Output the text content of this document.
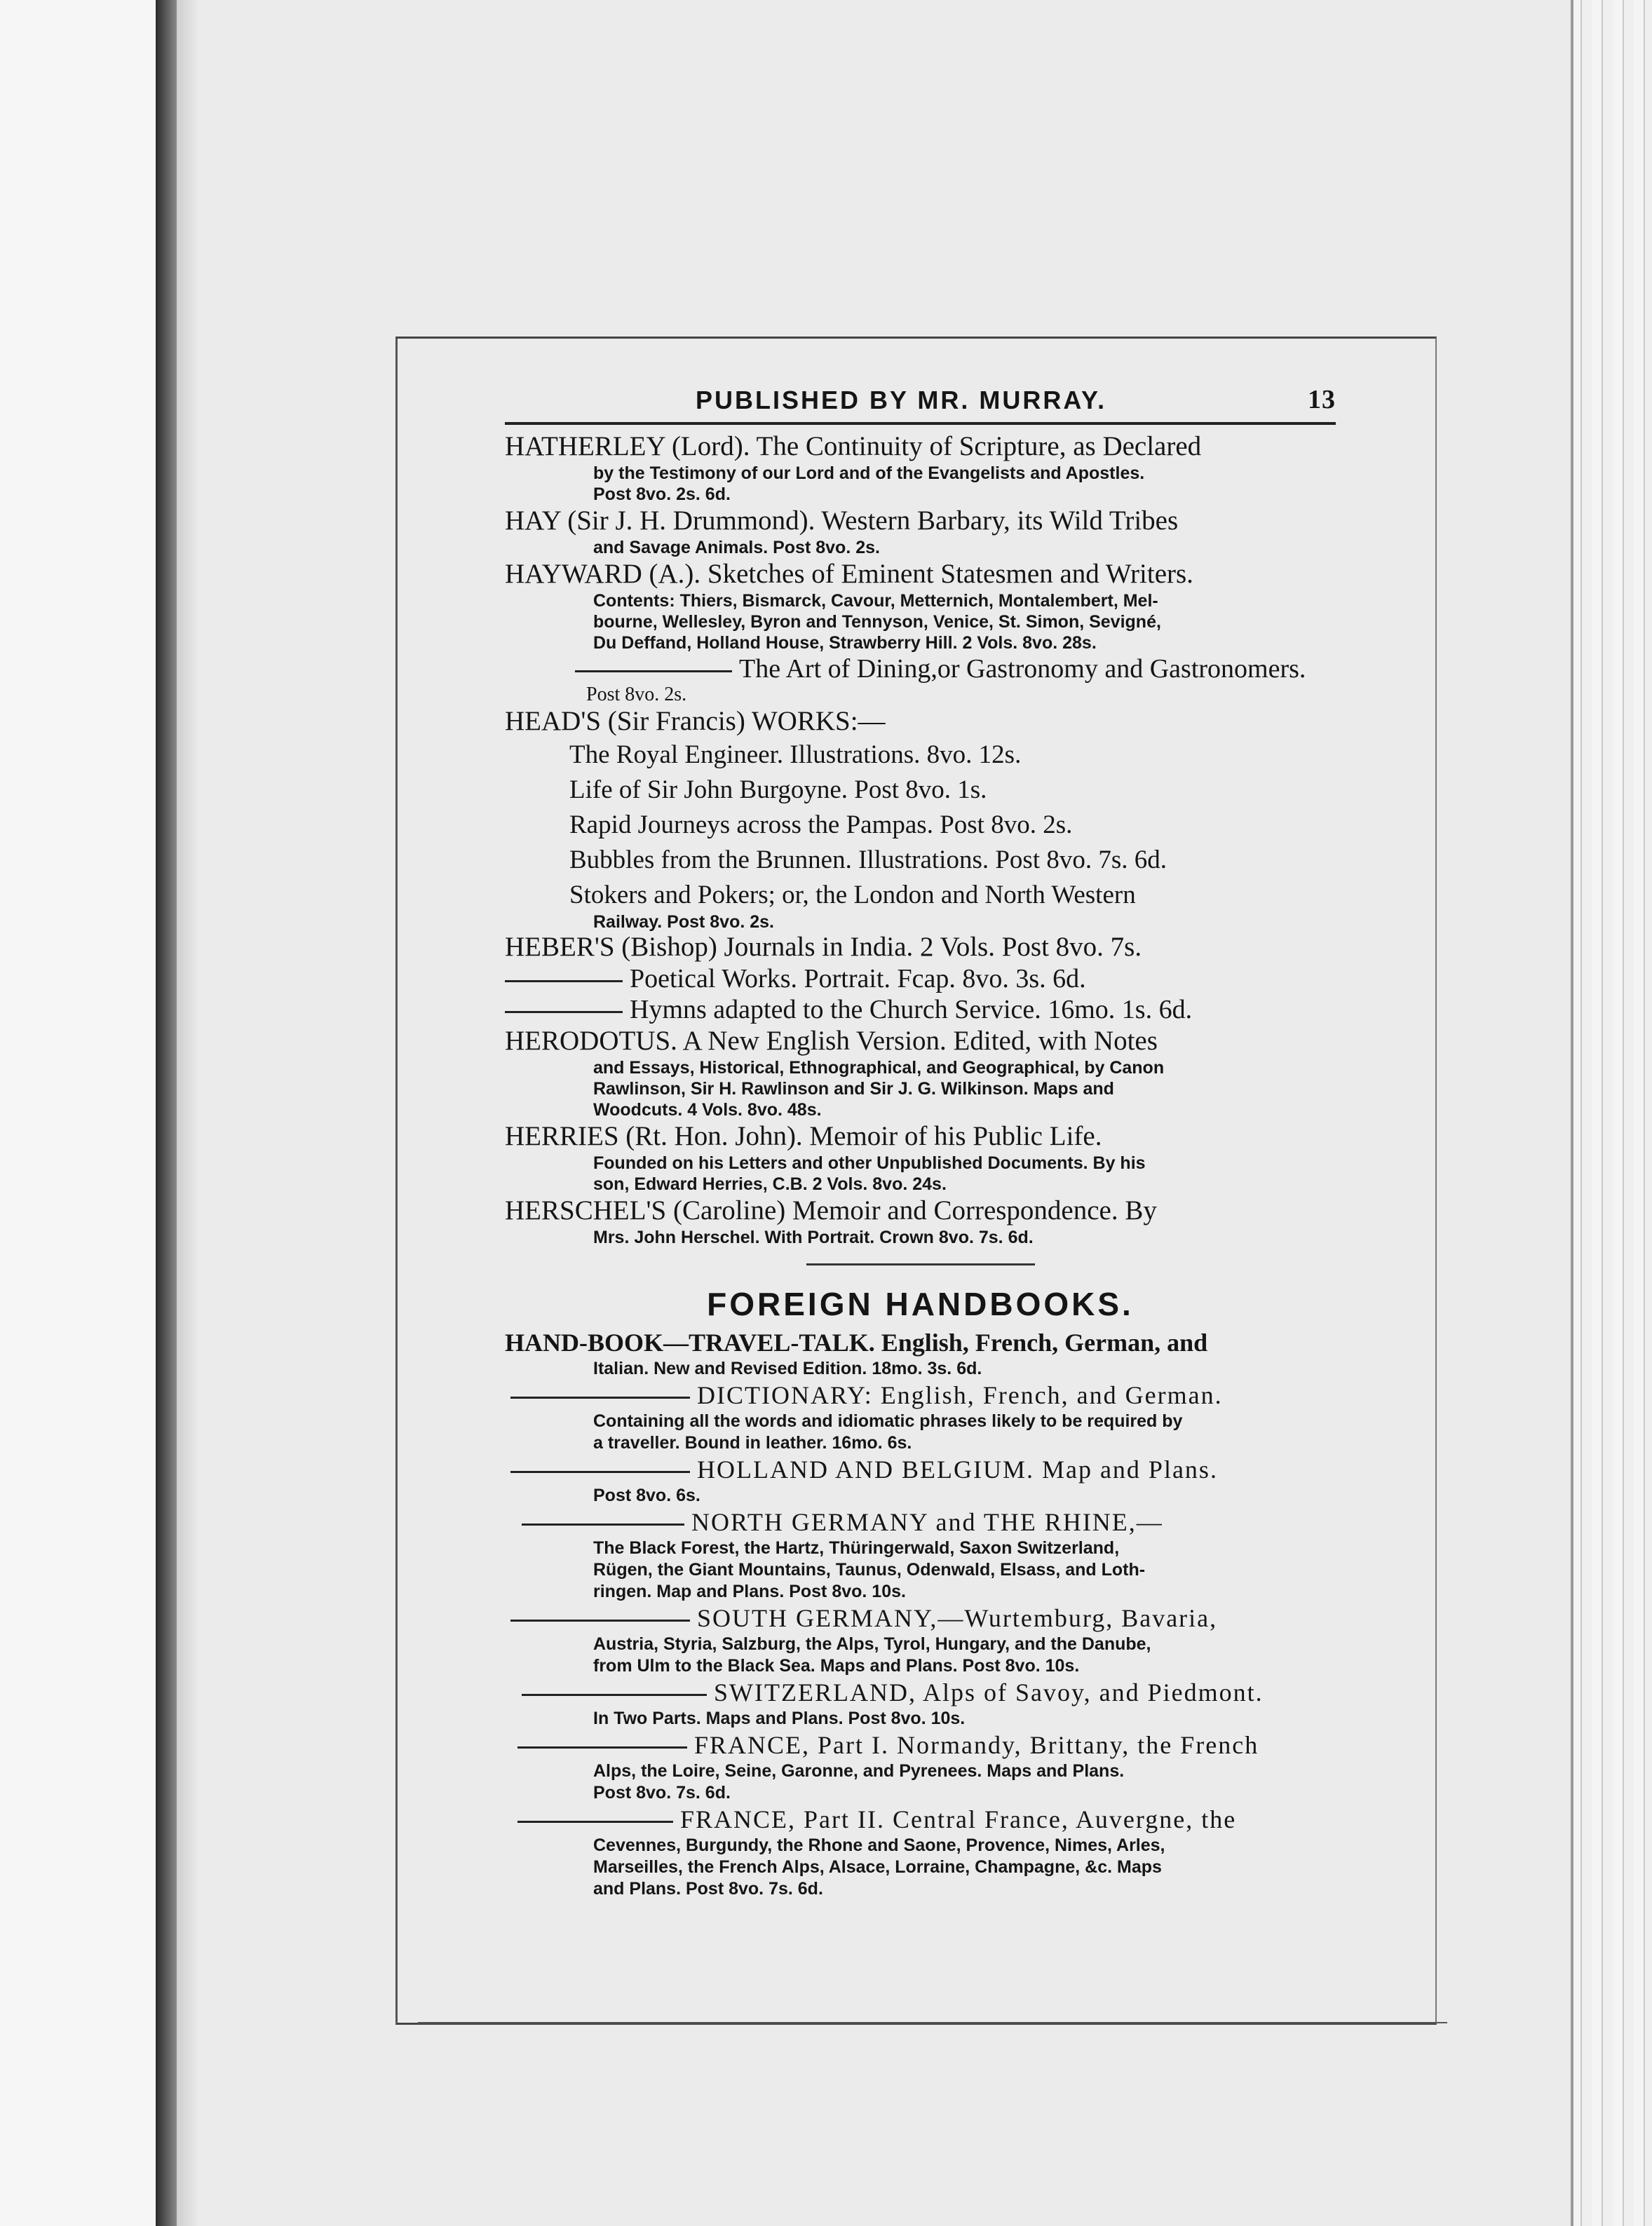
PUBLISHED BY MR. MURRAY.	13
HATHERLEY (Lord). The Continuity of Scripture, as Declared
by the Testimony of our Lord and of the Evangelists and Apostles.
Post 8vo. 2s. 6d.
HAY (Sir J. H. Drummond). Western Barbary, its Wild Tribes
and Savage Animals. Post 8vo. 2s.
HAYWARD (A.). Sketches of Eminent Statesmen and Writers.
Contents: Thiers, Bismarck, Cavour, Metternich, Montalembert, Mel-
bourne, Wellesley, Byron and Tennyson, Venice, St. Simon, Sevigné,
Du Deffand, Holland House, Strawberry Hill. 2 Vols. 8vo. 28s.
The Art of Dining,or Gastronomy and Gastronomers.
Post 8vo. 2s.
HEAD'S (Sir Francis) WORKS:—
The Royal Engineer. Illustrations. 8vo. 12s.
Life of Sir John Burgoyne. Post 8vo. 1s.
Rapid Journeys across the Pampas. Post 8vo. 2s.
Bubbles from the Brunnen. Illustrations. Post 8vo. 7s. 6d.
Stokers and Pokers; or, the London and North Western
Railway. Post 8vo. 2s.
HEBER'S (Bishop) Journals in India. 2 Vols. Post 8vo. 7s.
Poetical Works. Portrait. Fcap. 8vo. 3s. 6d.
Hymns adapted to the Church Service. 16mo. 1s. 6d.
HERODOTUS. A New English Version. Edited, with Notes
and Essays, Historical, Ethnographical, and Geographical, by Canon
Rawlinson, Sir H. Rawlinson and Sir J. G. Wilkinson. Maps and
Woodcuts. 4 Vols. 8vo. 48s.
HERRIES (Rt. Hon. John). Memoir of his Public Life.
Founded on his Letters and other Unpublished Documents. By his
son, Edward Herries, C.B. 2 Vols. 8vo. 24s.
HERSCHEL'S (Caroline) Memoir and Correspondence. By
Mrs. John Herschel. With Portrait. Crown 8vo. 7s. 6d.
FOREIGN HANDBOOKS.
HAND-BOOK—TRAVEL-TALK. English, French, German, and
Italian. New and Revised Edition. 18mo. 3s. 6d.
DICTIONARY: English, French, and German.
Containing all the words and idiomatic phrases likely to be required by
a traveller. Bound in leather. 16mo. 6s.
HOLLAND AND BELGIUM. Map and Plans.
Post 8vo. 6s.
NORTH GERMANY and THE RHINE,—
The Black Forest, the Hartz, Thüringerwald, Saxon Switzerland,
Rügen, the Giant Mountains, Taunus, Odenwald, Elsass, and Loth-
ringen. Map and Plans. Post 8vo. 10s.
SOUTH GERMANY,—Wurtemburg, Bavaria,
Austria, Styria, Salzburg, the Alps, Tyrol, Hungary, and the Danube,
from Ulm to the Black Sea. Maps and Plans. Post 8vo. 10s.
SWITZERLAND, Alps of Savoy, and Piedmont.
In Two Parts. Maps and Plans. Post 8vo. 10s.
FRANCE, Part I. Normandy, Brittany, the French
Alps, the Loire, Seine, Garonne, and Pyrenees. Maps and Plans.
Post 8vo. 7s. 6d.
FRANCE, Part II. Central France, Auvergne, the
Cevennes, Burgundy, the Rhone and Saone, Provence, Nimes, Arles,
Marseilles, the French Alps, Alsace, Lorraine, Champagne, &c. Maps
and Plans. Post 8vo. 7s. 6d.
